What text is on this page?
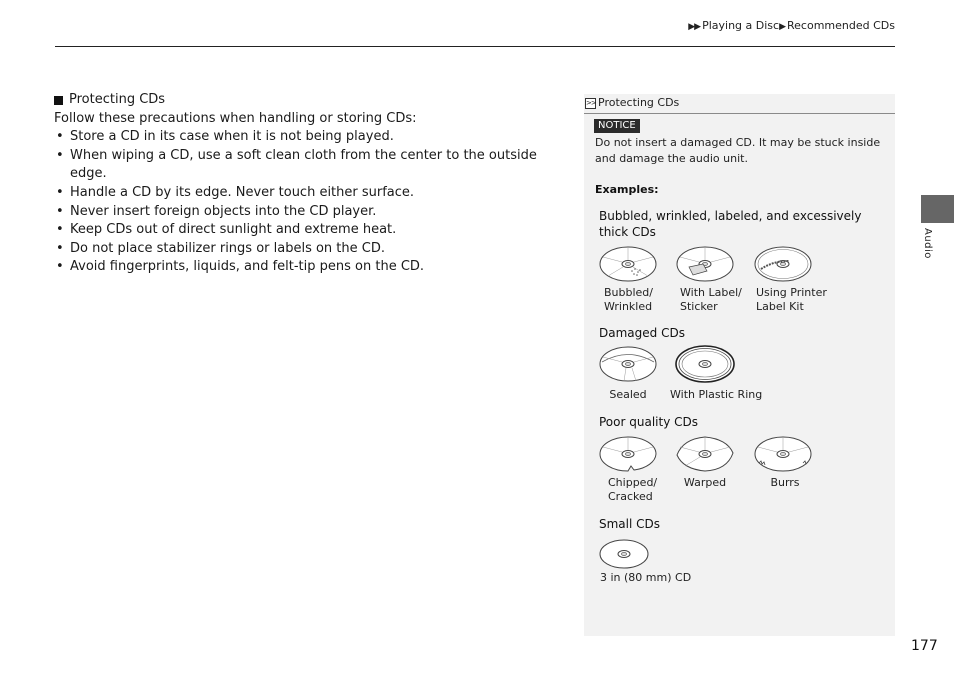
▶▶ Playing a Disc▶ Recommended CDs
Protecting CDs
Follow these precautions when handling or storing CDs:
• Store a CD in its case when it is not being played.
• When wiping a CD, use a soft clean cloth from the center to the outside edge.
• Handle a CD by its edge. Never touch either surface.
• Never insert foreign objects into the CD player.
• Keep CDs out of direct sunlight and extreme heat.
• Do not place stabilizer rings or labels on the CD.
• Avoid fingerprints, liquids, and felt-tip pens on the CD.
>> Protecting CDs
NOTICE
Do not insert a damaged CD. It may be stuck inside and damage the audio unit.
Examples:
Bubbled, wrinkled, labeled, and excessively thick CDs
Bubbled/ Wrinkled
With Label/ Sticker
Using Printer Label Kit
Damaged CDs
Sealed	With Plastic Ring
Poor quality CDs
Chipped/ Cracked
Warped	Burrs
Small CDs
3 in (80 mm) CD
Audio
177
